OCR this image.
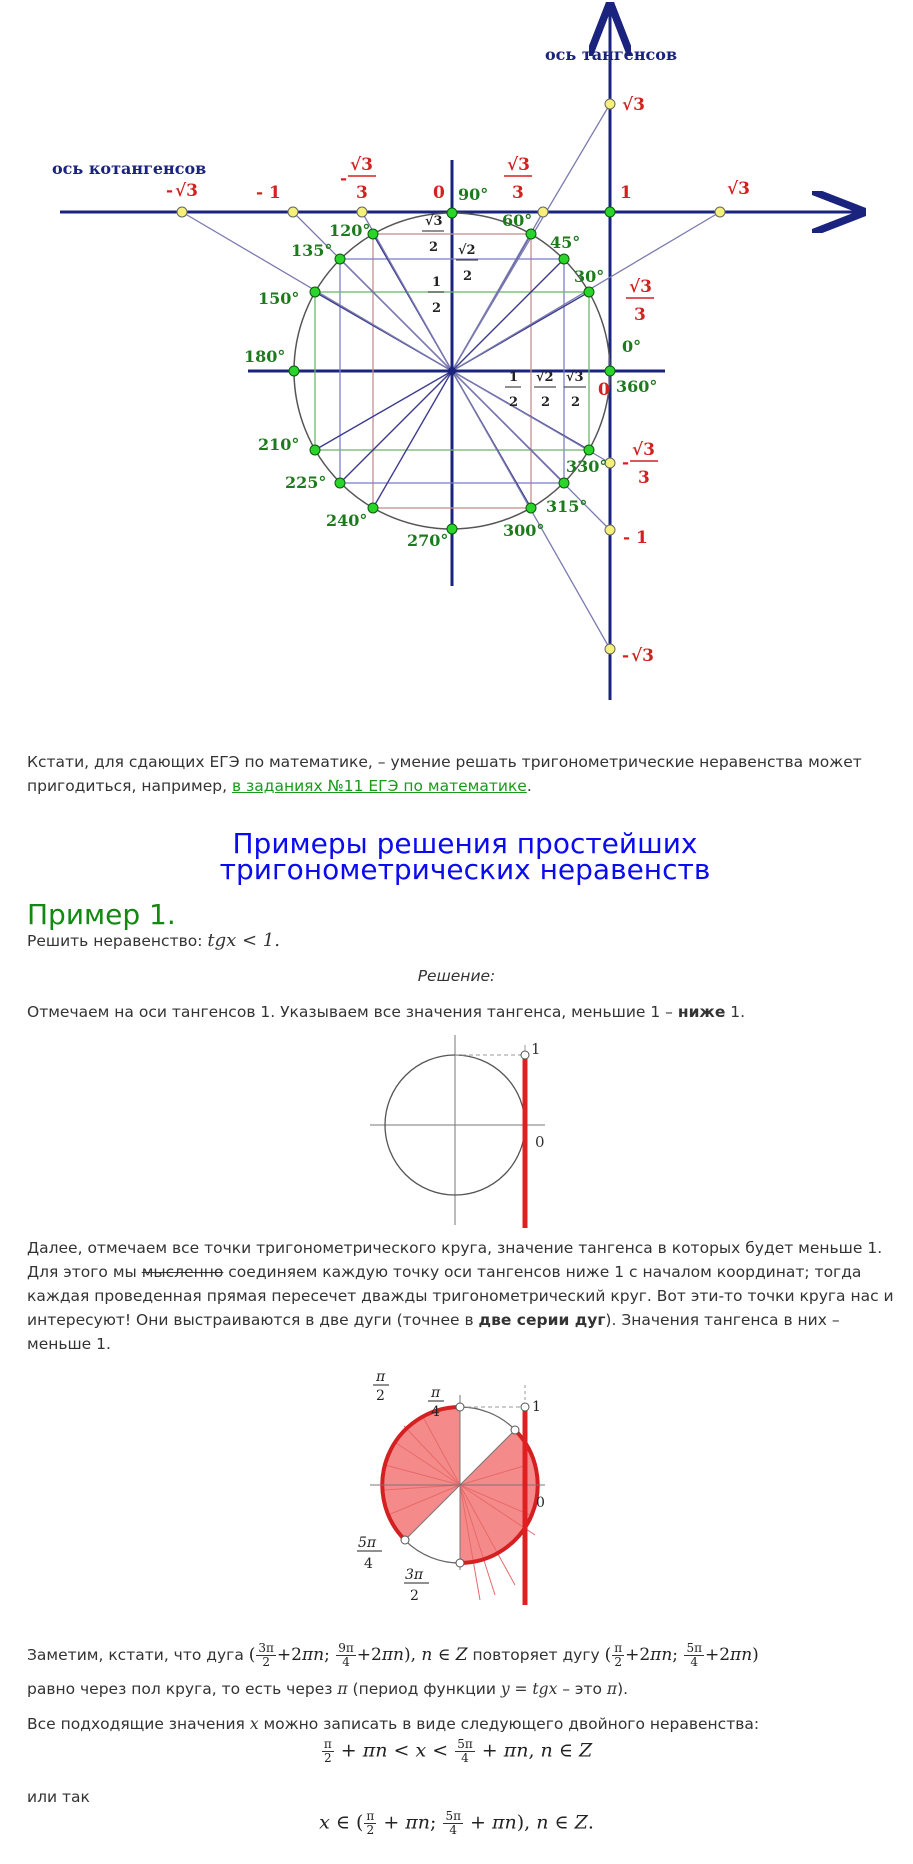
ось тангенсов
ось котангенсов
90°
60°
45°
30°
0°
360°
120°
135°
150°
180°
210°
225°
240°
270°
300°
315°
330°
0	1
- 1
0
- 1
- √3	√3
√3
- √3
-
√3
3
√3
3
√3
3
-
√3
3
√3
2 √2
2
1
2
1
2
√2
2
√3
2
Кстати, для сдающих ЕГЭ по математике, – умение решать тригонометрические неравенства может пригодиться, например, в заданиях №11 ЕГЭ по математике.
Примеры решения простейших тригонометрических неравенств
Пример 1.
Решить неравенство: tgx < 1.
Решение:
Отмечаем на оси тангенсов 1. Указываем все значения тангенса, меньшие 1 – ниже 1.
1
0
Далее, отмечаем все точки тригонометрического круга, значение тангенса в которых будет меньше 1. Для этого мы мысленно соединяем каждую точку оси тангенсов ниже 1 с началом координат; тогда каждая проведенная прямая пересечет дважды тригонометрический круг. Вот эти-то точки круга нас и интересуют! Они выстраиваются в две дуги (точнее в две серии дуг). Значения тангенса в них – меньше 1.
π
2	π
4	1
0
5π
4
3π
2
Заметим, кстати, что дуга ( $\frac{3\pi}{2} +2\pi n$; $\frac{9\pi}{4} +2\pi n$), n ∈ Z повторяет дугу ( $\frac{\pi}{2} +2\pi n$; $\frac{5\pi}{4} +2\pi n$)
равно через пол круга, то есть через π (период функции y = tgx – это π).
Все подходящие значения x можно записать в виде следующего двойного неравенства:
$\frac{\pi}{2} + \pi n < x < \frac{5\pi}{4} + \pi n$, n ∈ Z
или так
x ∈ ( $\frac{\pi}{2} + \pi n$; $\frac{5\pi}{4} + \pi n$), n ∈ Z.
